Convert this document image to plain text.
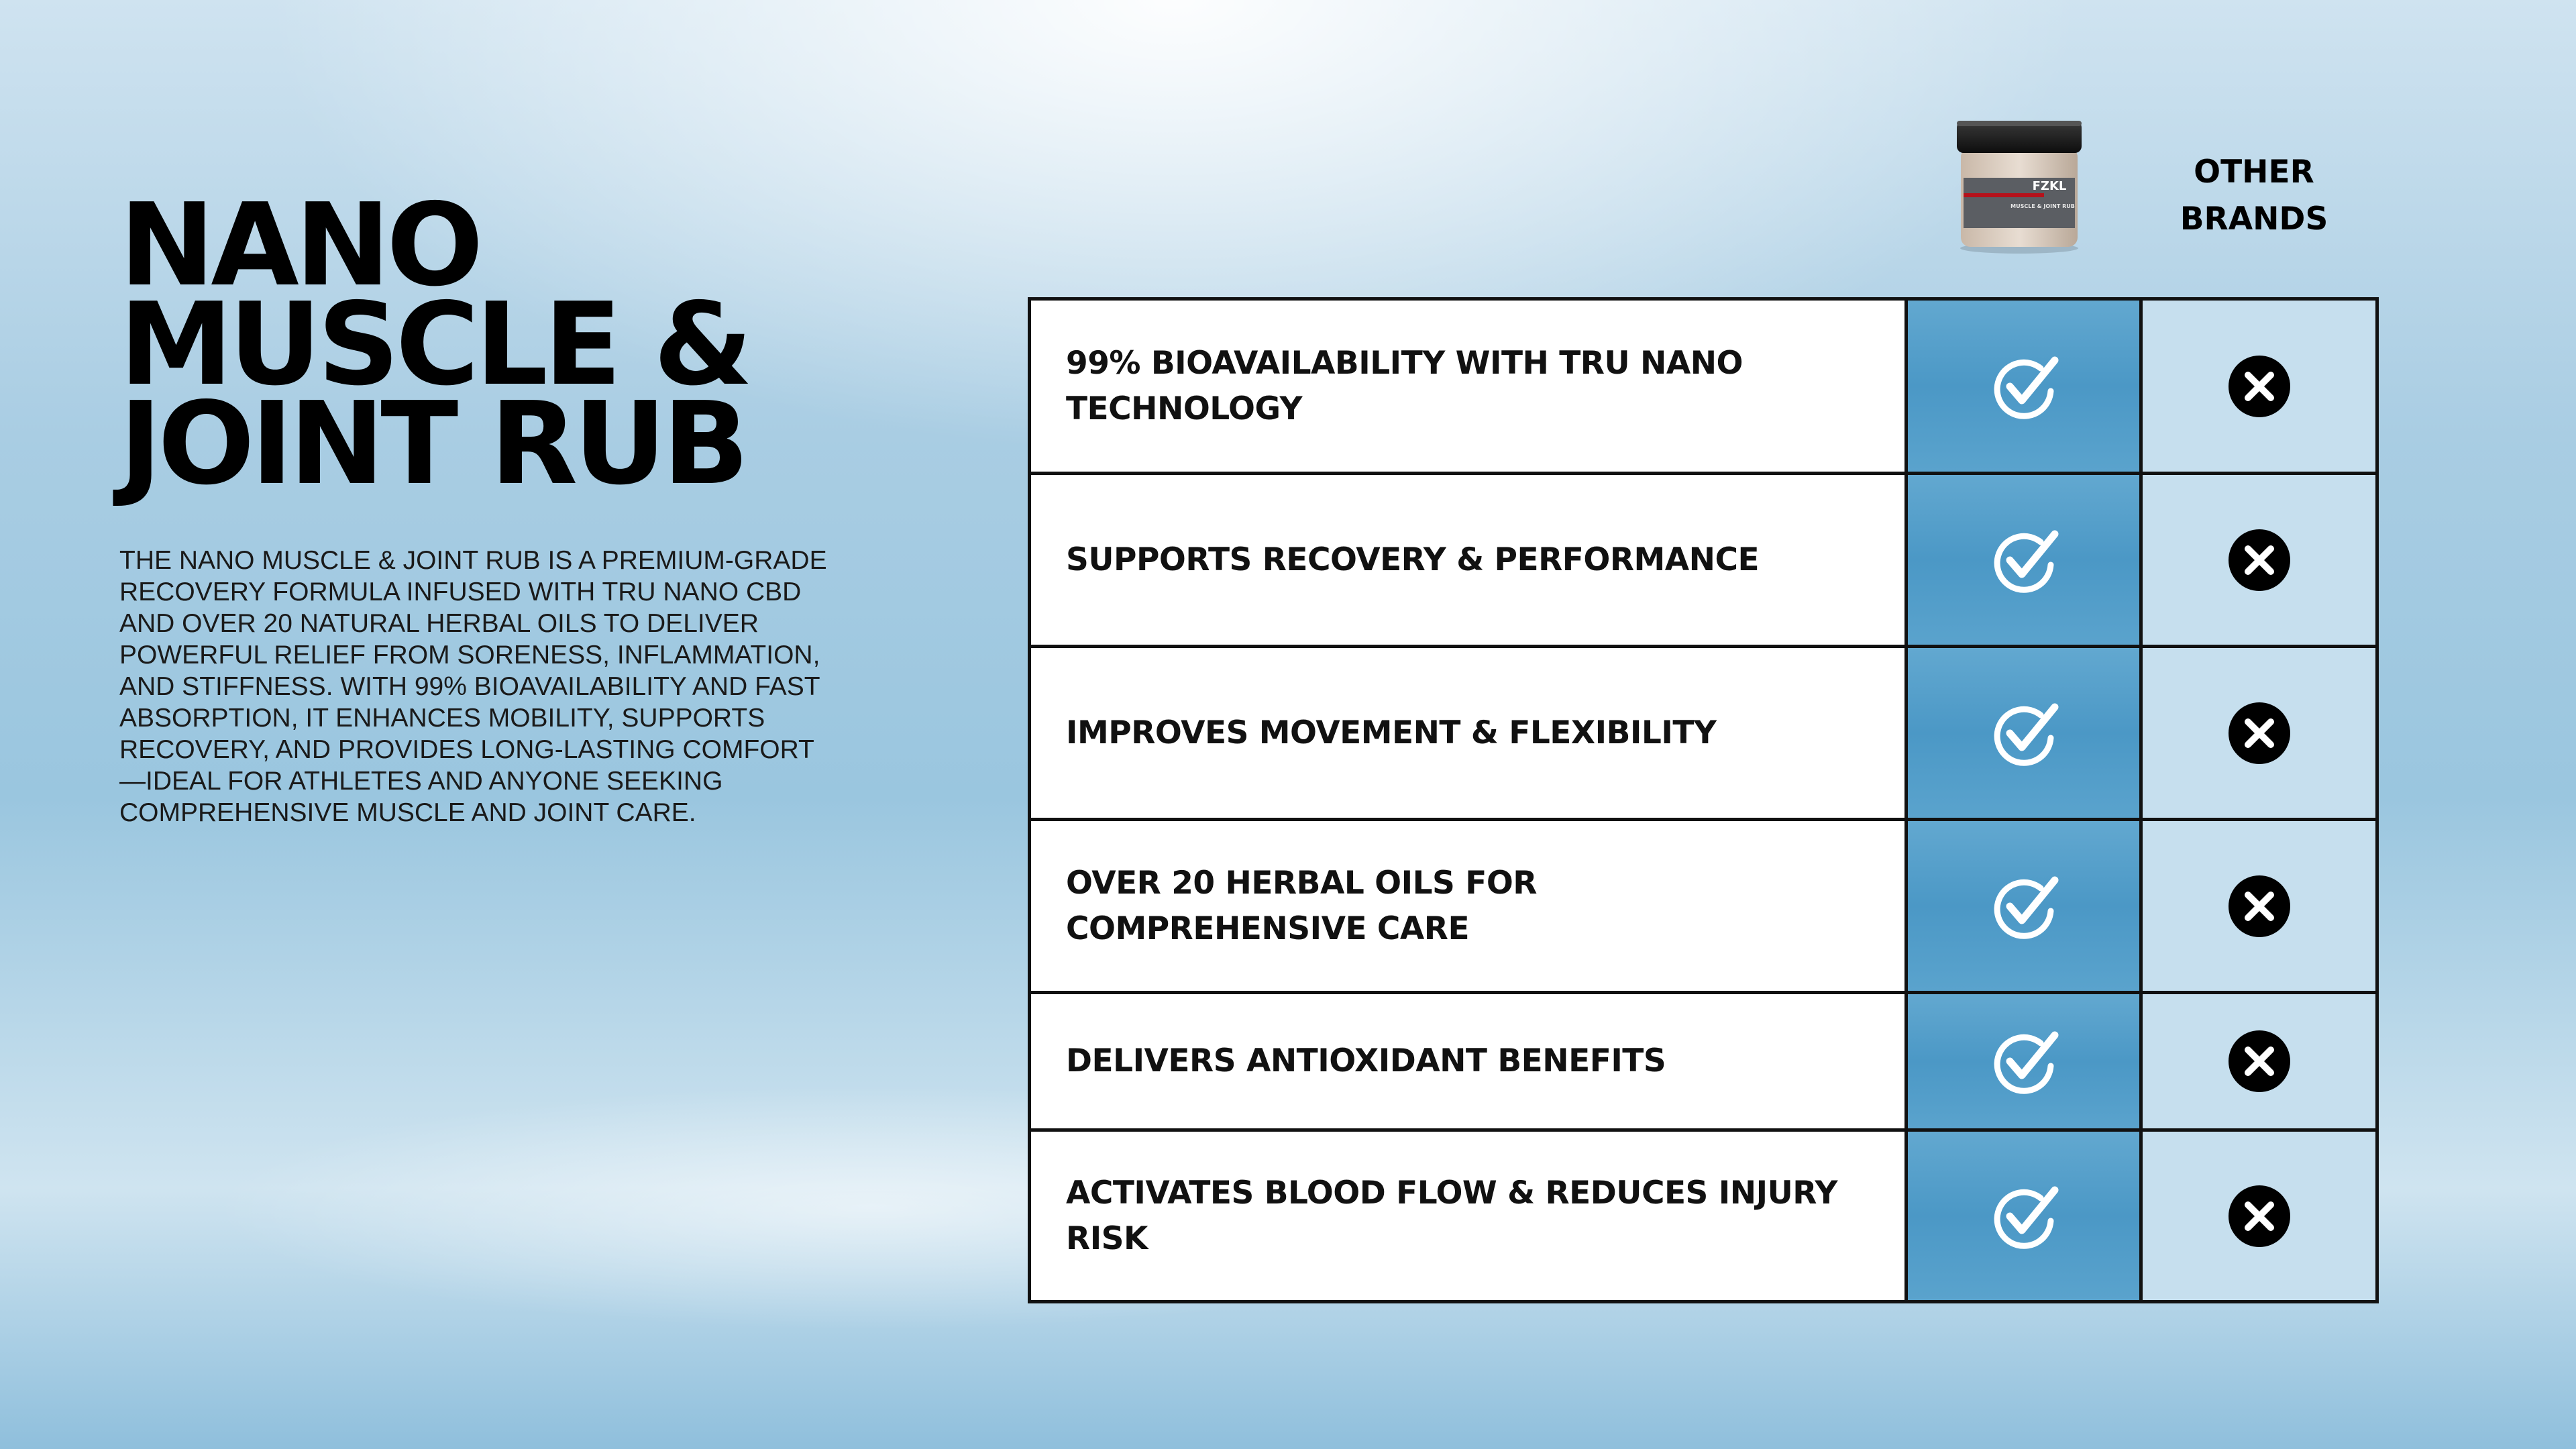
NANO
MUSCLE &
JOINT RUB

THE NANO MUSCLE & JOINT RUB IS A PREMIUM-GRADE RECOVERY FORMULA INFUSED WITH TRU NANO CBD AND OVER 20 NATURAL HERBAL OILS TO DELIVER POWERFUL RELIEF FROM SORENESS, INFLAMMATION, AND STIFFNESS. WITH 99% BIOAVAILABILITY AND FAST ABSORPTION, IT ENHANCES MOBILITY, SUPPORTS RECOVERY, AND PROVIDES LONG-LASTING COMFORT—IDEAL FOR ATHLETES AND ANYONE SEEKING COMPREHENSIVE MUSCLE AND JOINT CARE.

FZKL
MUSCLE & JOINT RUB
OTHER
BRANDS
99% BIOAVAILABILITY WITH TRU NANO TECHNOLOGY
SUPPORTS RECOVERY & PERFORMANCE
IMPROVES MOVEMENT & FLEXIBILITY
OVER 20 HERBAL OILS FOR COMPREHENSIVE CARE
DELIVERS ANTIOXIDANT BENEFITS
ACTIVATES BLOOD FLOW & REDUCES INJURY RISK
